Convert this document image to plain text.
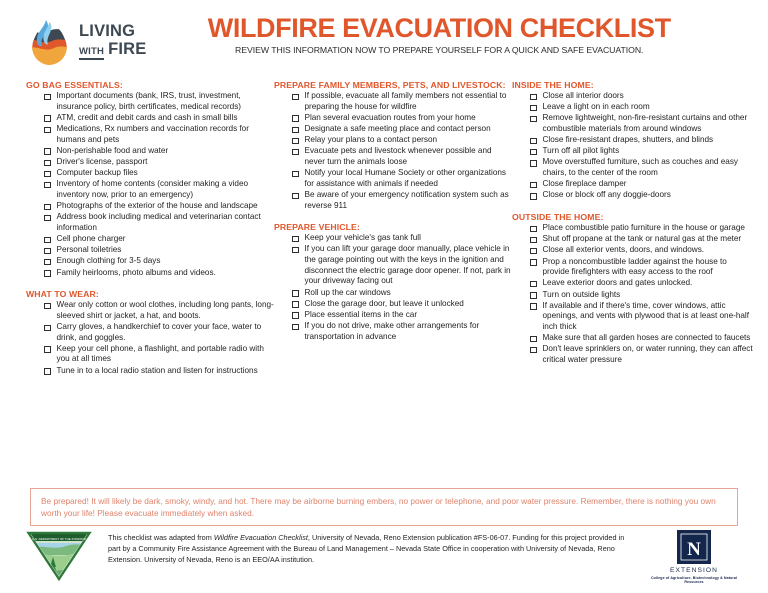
LIVING
WITH FIRE
WILDFIRE EVACUATION CHECKLIST
REVIEW THIS INFORMATION NOW TO PREPARE YOURSELF FOR A QUICK AND SAFE EVACUATION.
GO BAG ESSENTIALS:
Important documents (bank, IRS, trust, investment, insurance policy, birth certificates, medical records)
ATM, credit and debit cards and cash in small bills
Medications, Rx numbers and vaccination records for humans and pets
Non-perishable food and water
Driver's license, passport
Computer backup files
Inventory of home contents (consider making a video inventory now, prior to an emergency)
Photographs of the exterior of the house and landscape
Address book including medical and veterinarian contact information
Cell phone charger
Personal toiletries
Enough clothing for 3-5 days
Family heirlooms, photo albums and videos.
WHAT TO WEAR:
Wear only cotton or wool clothes, including long pants, long-sleeved shirt or jacket, a hat, and boots.
Carry gloves, a handkerchief to cover your face, water to drink, and goggles.
Keep your cell phone, a flashlight, and portable radio with you at all times
Tune in to a local radio station and listen for instructions
PREPARE FAMILY MEMBERS, PETS, AND LIVESTOCK:
If possible, evacuate all family members not essential to preparing the house for wildfire
Plan several evacuation routes from your home
Designate a safe meeting place and contact person
Relay your plans to a contact person
Evacuate pets and livestock whenever possible and never turn the animals loose
Notify your local Humane Society or other organizations for assistance with animals if needed
Be aware of your emergency notification system such as reverse 911
PREPARE VEHICLE:
Keep your vehicle's gas tank full
If you can lift your garage door manually, place vehicle in the garage pointing out with the keys in the ignition and disconnect the electric garage door opener. If not, park in your driveway facing out
Roll up the car windows
Close the garage door, but leave it unlocked
Place essential items in the car
If you do not drive, make other arrangements for transportation in advance
INSIDE THE HOME:
Close all interior doors
Leave a light on in each room
Remove lightweight, non-fire-resistant curtains and other combustible materials from around windows
Close fire-resistant drapes, shutters, and blinds
Turn off all pilot lights
Move overstuffed furniture, such as couches and easy chairs, to the center of the room
Close fireplace damper
Close or block off any doggie-doors
OUTSIDE THE HOME:
Place combustible patio furniture in the house or garage
Shut off propane at the tank or natural gas at the meter
Close all exterior vents, doors, and windows.
Prop a noncombustible ladder against the house to provide firefighters with easy access to the roof
Leave exterior doors and gates unlocked.
Turn on outside lights
If available and if there's time, cover windows, attic openings, and vents with plywood that is at least one-half inch thick
Make sure that all garden hoses are connected to faucets
Don't leave sprinklers on, or water running, they can affect critical water pressure
Be prepared! It will likely be dark, smoky, windy, and hot. There may be airborne burning embers, no power or telephone, and poor water pressure. Remember, there is nothing you own worth your life! Please evacuate immediately when asked.
U.S. DEPARTMENT OF THE INTERIOR	This checklist was adapted from Wildfire Evacuation Checklist, University of Nevada, Reno Extension publication #FS-06-07. Funding for this project provided in part by a Community Fire Assistance Agreement with the Bureau of Land Management – Nevada State Office in cooperation with University of Nevada, Reno Extension. University of Nevada, Reno is an EEO/AA institution.	N
EXTENSION
College of Agriculture, Biotechnology & Natural Resources
